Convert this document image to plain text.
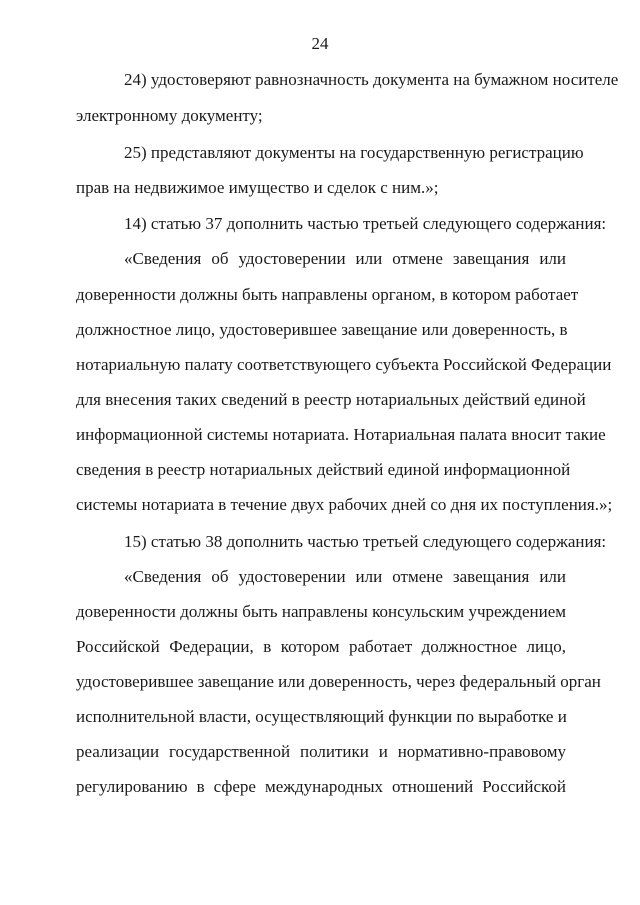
24
24) удостоверяют равнозначность документа на бумажном носителе
электронному документу;
25) представляют документы на государственную регистрацию
прав на недвижимое имущество и сделок с ним.»;
14) статью 37 дополнить частью третьей следующего содержания:
«Сведения об удостоверении или отмене завещания или
доверенности должны быть направлены органом, в котором работает
должностное лицо, удостоверившее завещание или доверенность, в
нотариальную палату соответствующего субъекта Российской Федерации
для внесения таких сведений в реестр нотариальных действий единой
информационной системы нотариата. Нотариальная палата вносит такие
сведения в реестр нотариальных действий единой информационной
системы нотариата в течение двух рабочих дней со дня их поступления.»;
15) статью 38 дополнить частью третьей следующего содержания:
«Сведения об удостоверении или отмене завещания или
доверенности должны быть направлены консульским учреждением
Российской Федерации, в котором работает должностное лицо,
удостоверившее завещание или доверенность, через федеральный орган
исполнительной власти, осуществляющий функции по выработке и
реализации государственной политики и нормативно-правовому
регулированию в сфере международных отношений Российской
